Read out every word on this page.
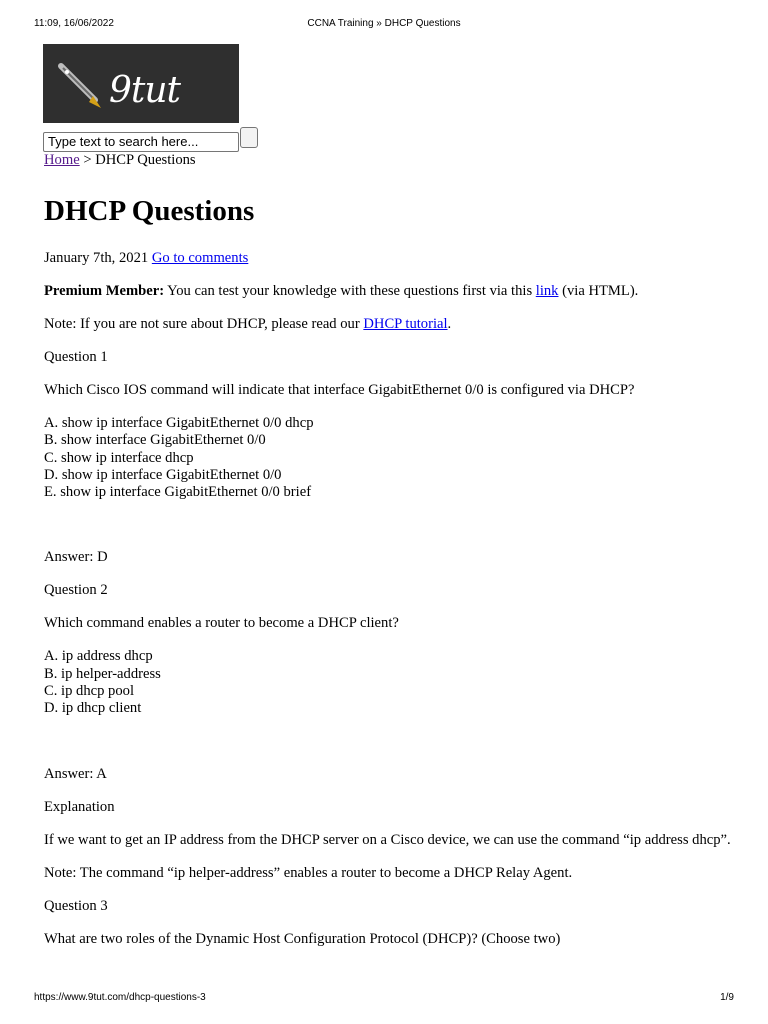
11:09, 16/06/2022	CCNA Training » DHCP Questions
9tut
Type text to search here...
Home > DHCP Questions
DHCP Questions

January 7th, 2021 Go to comments

Premium Member: You can test your knowledge with these questions first via this link (via HTML).

Note: If you are not sure about DHCP, please read our DHCP tutorial.

Question 1

Which Cisco IOS command will indicate that interface GigabitEthernet 0/0 is configured via DHCP?

A. show ip interface GigabitEthernet 0/0 dhcp
B. show interface GigabitEthernet 0/0
C. show ip interface dhcp
D. show ip interface GigabitEthernet 0/0
E. show ip interface GigabitEthernet 0/0 brief

Answer: D

Question 2

Which command enables a router to become a DHCP client?

A. ip address dhcp
B. ip helper-address
C. ip dhcp pool
D. ip dhcp client

Answer: A

Explanation

If we want to get an IP address from the DHCP server on a Cisco device, we can use the command “ip address dhcp”.

Note: The command “ip helper-address” enables a router to become a DHCP Relay Agent.

Question 3

What are two roles of the Dynamic Host Configuration Protocol (DHCP)? (Choose two)

https://www.9tut.com/dhcp-questions-3	1/9
